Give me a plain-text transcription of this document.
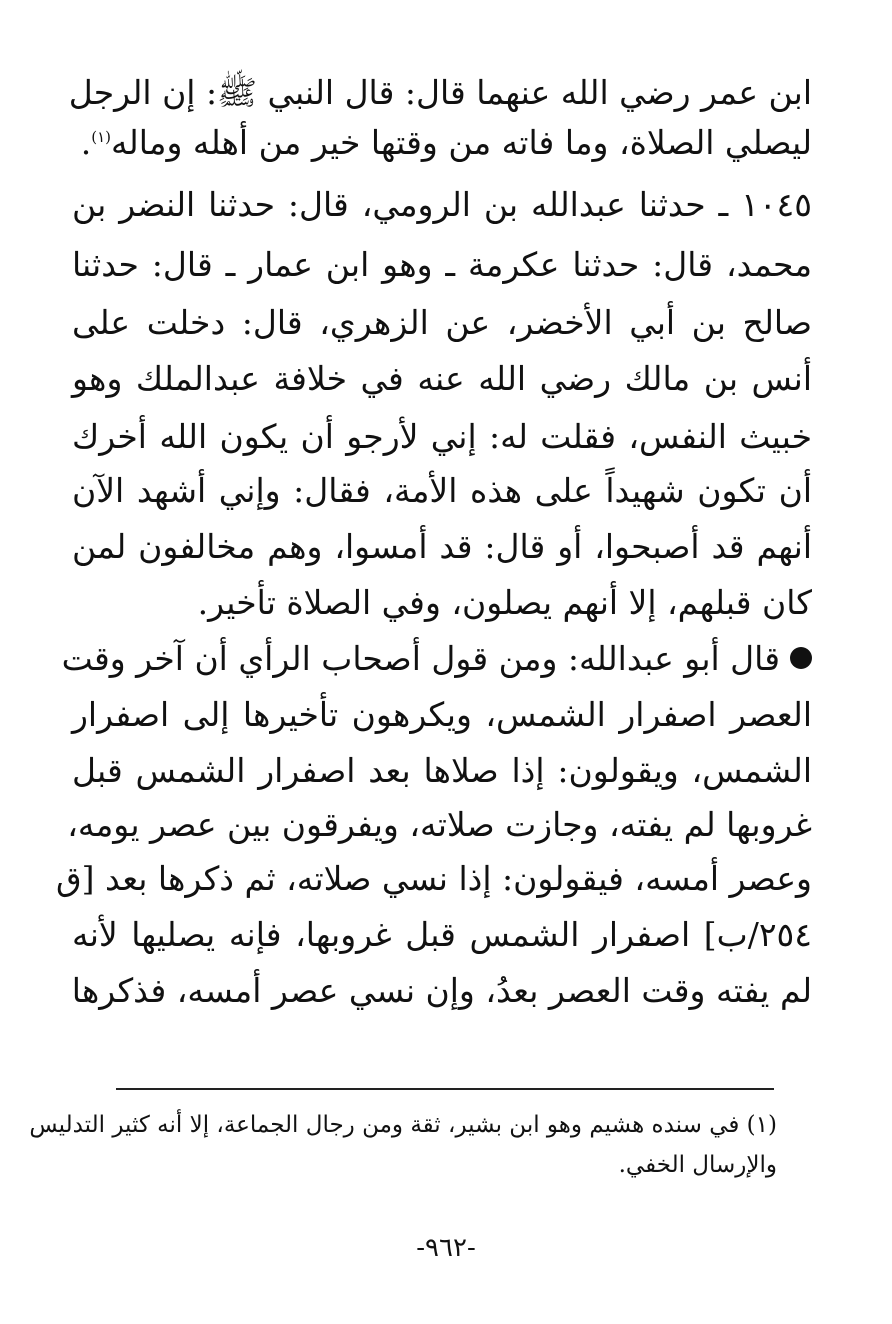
ابن عمر رضي الله عنهما قال: قال النبي ﷺ: إن الرجل
ليصلي الصلاة، وما فاته من وقتها خير من أهله وماله$^{(١)}$.
١٠٤٥ ـ حدثنا عبدالله بن الرومي، قال: حدثنا النضر بن
محمد، قال: حدثنا عكرمة ـ وهو ابن عمار ـ قال: حدثنا
صالح بن أبي الأخضر، عن الزهري، قال: دخلت على
أنس بن مالك رضي الله عنه في خلافة عبدالملك وهو
خبيث النفس، فقلت له: إني لأرجو أن يكون الله أخرك
أن تكون شهيداً على هذه الأمة، فقال: وإني أشهد الآن
أنهم قد أصبحوا، أو قال: قد أمسوا، وهم مخالفون لمن
كان قبلهم، إلا أنهم يصلون، وفي الصلاة تأخير.
قال أبو عبدالله: ومن قول أصحاب الرأي أن آخر وقت
العصر اصفرار الشمس، ويكرهون تأخيرها إلى اصفرار
الشمس، ويقولون: إذا صلاها بعد اصفرار الشمس قبل
غروبها لم يفته، وجازت صلاته، ويفرقون بين عصر يومه،
وعصر أمسه، فيقولون: إذا نسي صلاته، ثم ذكرها بعد [ق
٢٥٤/ب] اصفرار الشمس قبل غروبها، فإنه يصليها لأنه
لم يفته وقت العصر بعدُ، وإن نسي عصر أمسه، فذكرها
(١) في سنده هشيم وهو ابن بشير، ثقة ومن رجال الجماعة، إلا أنه كثير التدليس
والإرسال الخفي.
-٩٦٢-
